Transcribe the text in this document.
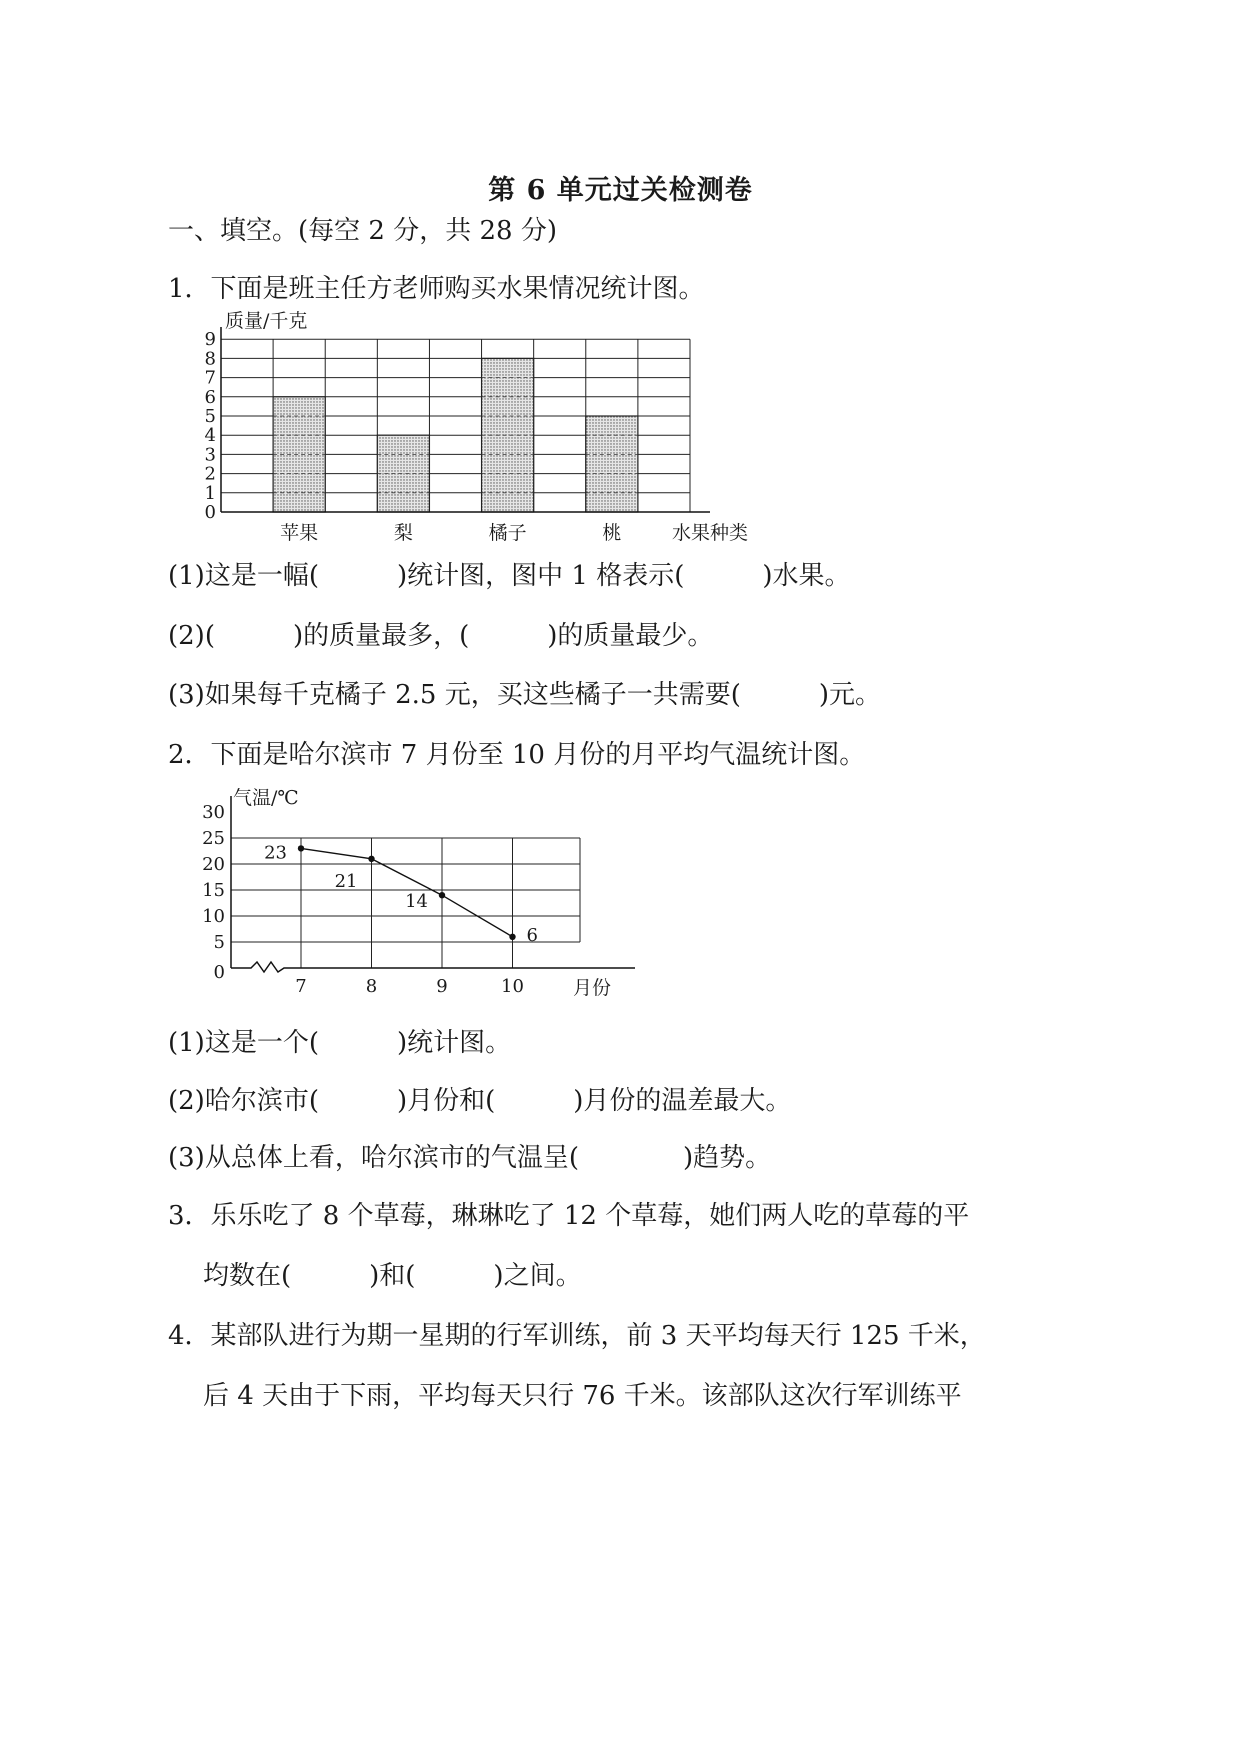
第 6 单元过关检测卷
一、填空。(每空 2 分，共 28 分)
1．下面是班主任方老师购买水果情况统计图。
苹果	梨	橘子	桃
0
1
2
3
4
5
6
7
8
9
质量/千克
水果种类
(1)这是一幅(　　　)统计图，图中 1 格表示(　　　)水果。
(2)(　　　)的质量最多，(　　　)的质量最少。
(3)如果每千克橘子 2.5 元，买这些橘子一共需要(　　　)元。
2．下面是哈尔滨市 7 月份至 10 月份的月平均气温统计图。
0
5
10
15
20
25
30
7	8	9	10	月份
气温/℃
23
21
14
6
(1)这是一个(　　　)统计图。
(2)哈尔滨市(　　　)月份和(　　　)月份的温差最大。
(3)从总体上看，哈尔滨市的气温呈(　　　　)趋势。
3．乐乐吃了 8 个草莓，琳琳吃了 12 个草莓，她们两人吃的草莓的平
均数在(　　　)和(　　　)之间。
4．某部队进行为期一星期的行军训练，前 3 天平均每天行 125 千米，
后 4 天由于下雨，平均每天只行 76 千米。该部队这次行军训练平
